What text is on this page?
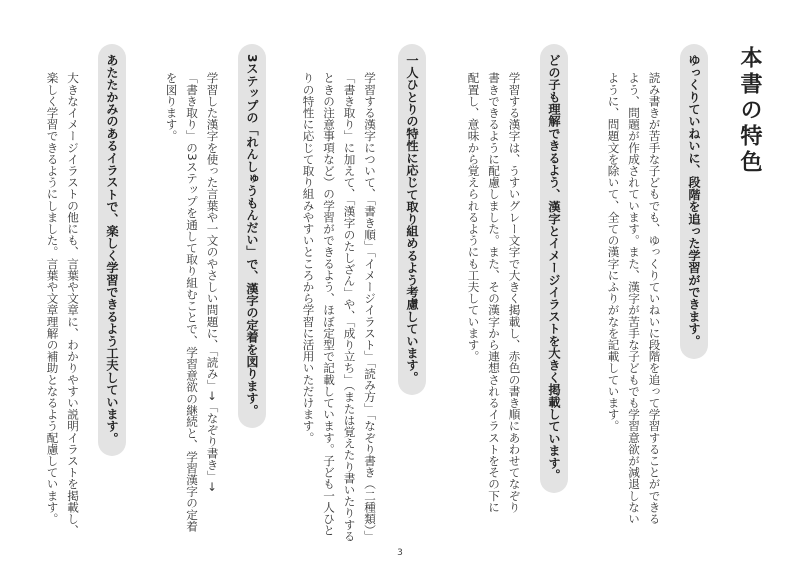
本書の特色
ゆっくりていねいに、段階を追った学習ができます。
読み書きが苦手な子どもでも、ゆっくりていねいに段階を追って学習することができる
よう、問題が作成されています。また、漢字が苦手な子どもでも学習意欲が減退しない
ように、問題文を除いて、全ての漢字にふりがなを記載しています。
どの子も理解できるよう、漢字とイメージイラストを大きく掲載しています。
学習する漢字は、うすいグレー文字で大きく掲載し、赤色の書き順にあわせてなぞり
書きできるように配慮しました。また、その漢字から連想されるイラストをその下に
配置し、意味から覚えられるようにも工夫しています。
一人ひとりの特性に応じて取り組めるよう考慮しています。
学習する漢字について、「書き順」「イメージイラスト」「読み方」「なぞり書き（二種類）」
「書き取り」に加えて、「漢字のたしざん」や、「成り立ち」（または覚えたり書いたりする
ときの注意事項など）の学習ができるよう、ほぼ定型で記載しています。子ども一人ひと
りの特性に応じて取り組みやすいところから学習に活用いただけます。
3ステップの「れんしゅうもんだい」で、漢字の定着を図ります。
学習した漢字を使った言葉や一文のやさしい問題に、「読み」→「なぞり書き」→
「書き取り」の3ステップを通して取り組むことで、学習意欲の継続と、学習漢字の定着
を図ります。
あたたかみのあるイラストで、楽しく学習できるよう工夫しています。
大きなイメージイラストの他にも、言葉や文章に、わかりやすい説明イラストを掲載し、
楽しく学習できるようにしました。言葉や文章理解の補助となるよう配慮しています。
3
